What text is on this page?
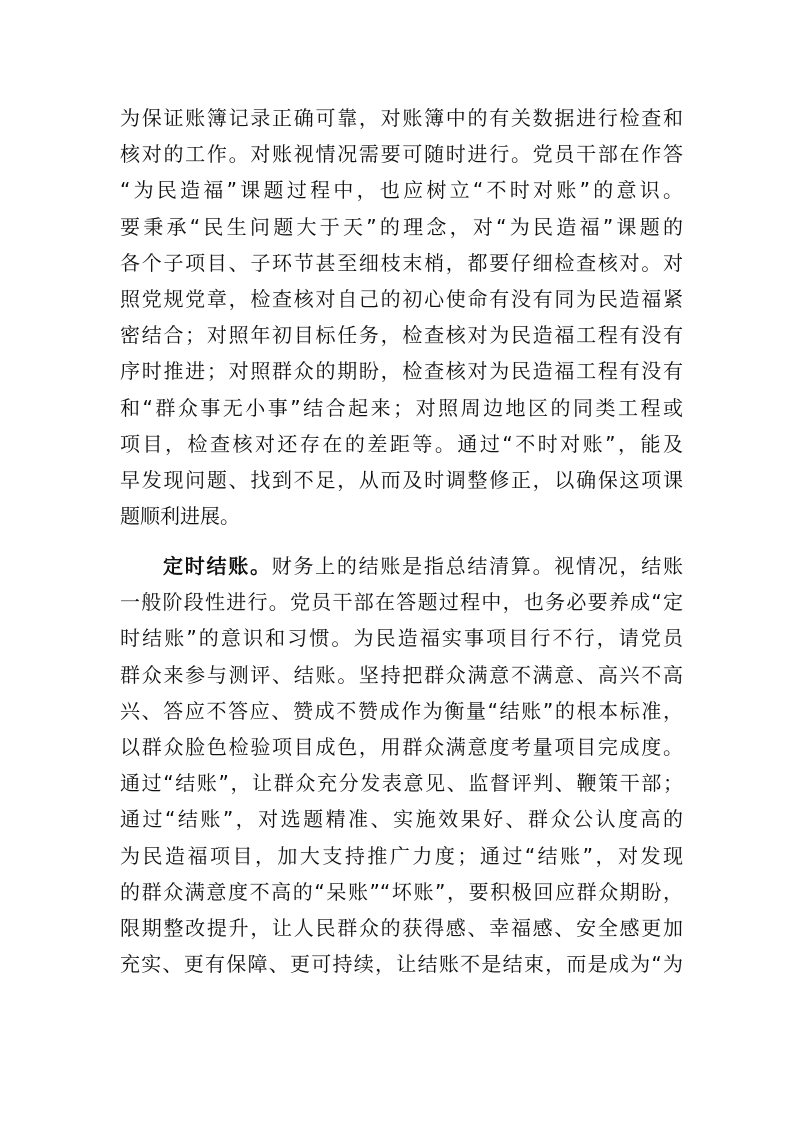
为保证账簿记录正确可靠，对账簿中的有关数据进行检查和
核对的工作。对账视情况需要可随时进行。党员干部在作答
“为民造福”课题过程中，也应树立“不时对账”的意识。
要秉承“民生问题大于天”的理念，对“为民造福”课题的
各个子项目、子环节甚至细枝末梢，都要仔细检查核对。对
照党规党章，检查核对自己的初心使命有没有同为民造福紧
密结合；对照年初目标任务，检查核对为民造福工程有没有
序时推进；对照群众的期盼，检查核对为民造福工程有没有
和“群众事无小事”结合起来；对照周边地区的同类工程或
项目，检查核对还存在的差距等。通过“不时对账”，能及
早发现问题、找到不足，从而及时调整修正，以确保这项课
题顺利进展。
定时结账。财务上的结账是指总结清算。视情况，结账
一般阶段性进行。党员干部在答题过程中，也务必要养成“定
时结账”的意识和习惯。为民造福实事项目行不行，请党员
群众来参与测评、结账。坚持把群众满意不满意、高兴不高
兴、答应不答应、赞成不赞成作为衡量“结账”的根本标准，
以群众脸色检验项目成色，用群众满意度考量项目完成度。
通过“结账”，让群众充分发表意见、监督评判、鞭策干部；
通过“结账”，对选题精准、实施效果好、群众公认度高的
为民造福项目，加大支持推广力度；通过“结账”，对发现
的群众满意度不高的“呆账”“坏账”，要积极回应群众期盼，
限期整改提升，让人民群众的获得感、幸福感、安全感更加
充实、更有保障、更可持续，让结账不是结束，而是成为“为
